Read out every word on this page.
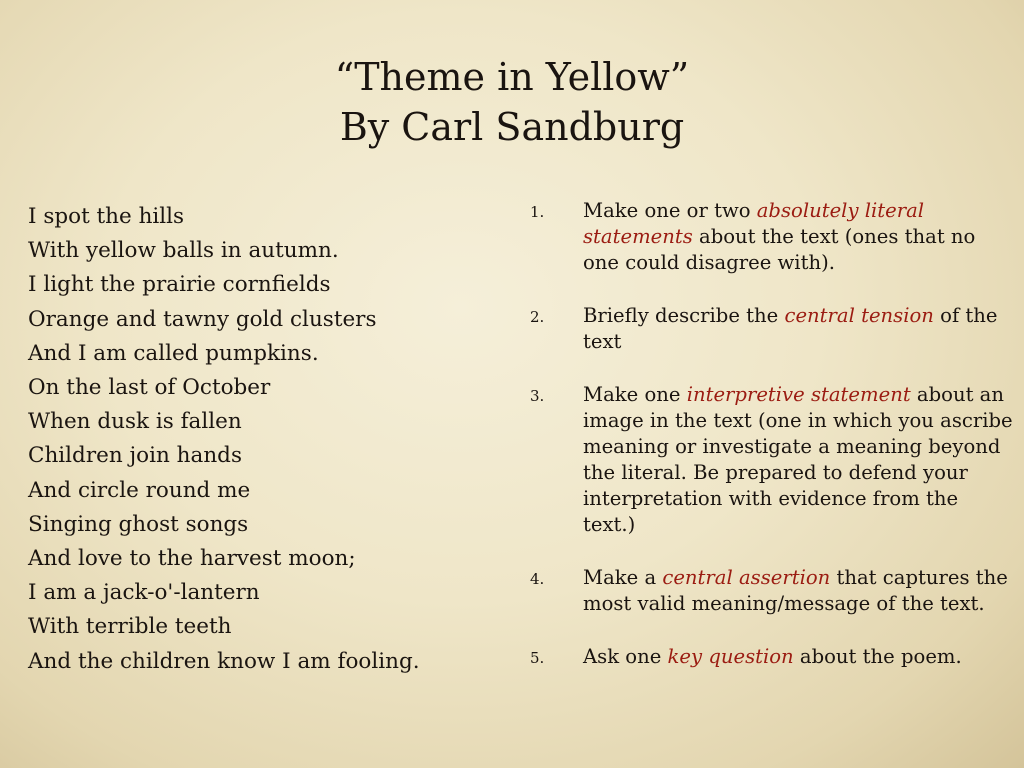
“Theme in Yellow”
By Carl Sandburg
I spot the hills
With yellow balls in autumn.
I light the prairie cornfields
Orange and tawny gold clusters
And I am called pumpkins.
On the last of October
When dusk is fallen
Children join hands
And circle round me
Singing ghost songs
And love to the harvest moon;
I am a jack-o'-lantern
With terrible teeth
And the children know I am fooling.
1. Make one or two absolutely literal statements about the text (ones that no one could disagree with).
2. Briefly describe the central tension of the text
3. Make one interpretive statement about an image in the text (one in which you ascribe meaning or investigate a meaning beyond the literal. Be prepared to defend your interpretation with evidence from the text.)
4. Make a central assertion that captures the most valid meaning/message of the text.
5. Ask one key question about the poem.
